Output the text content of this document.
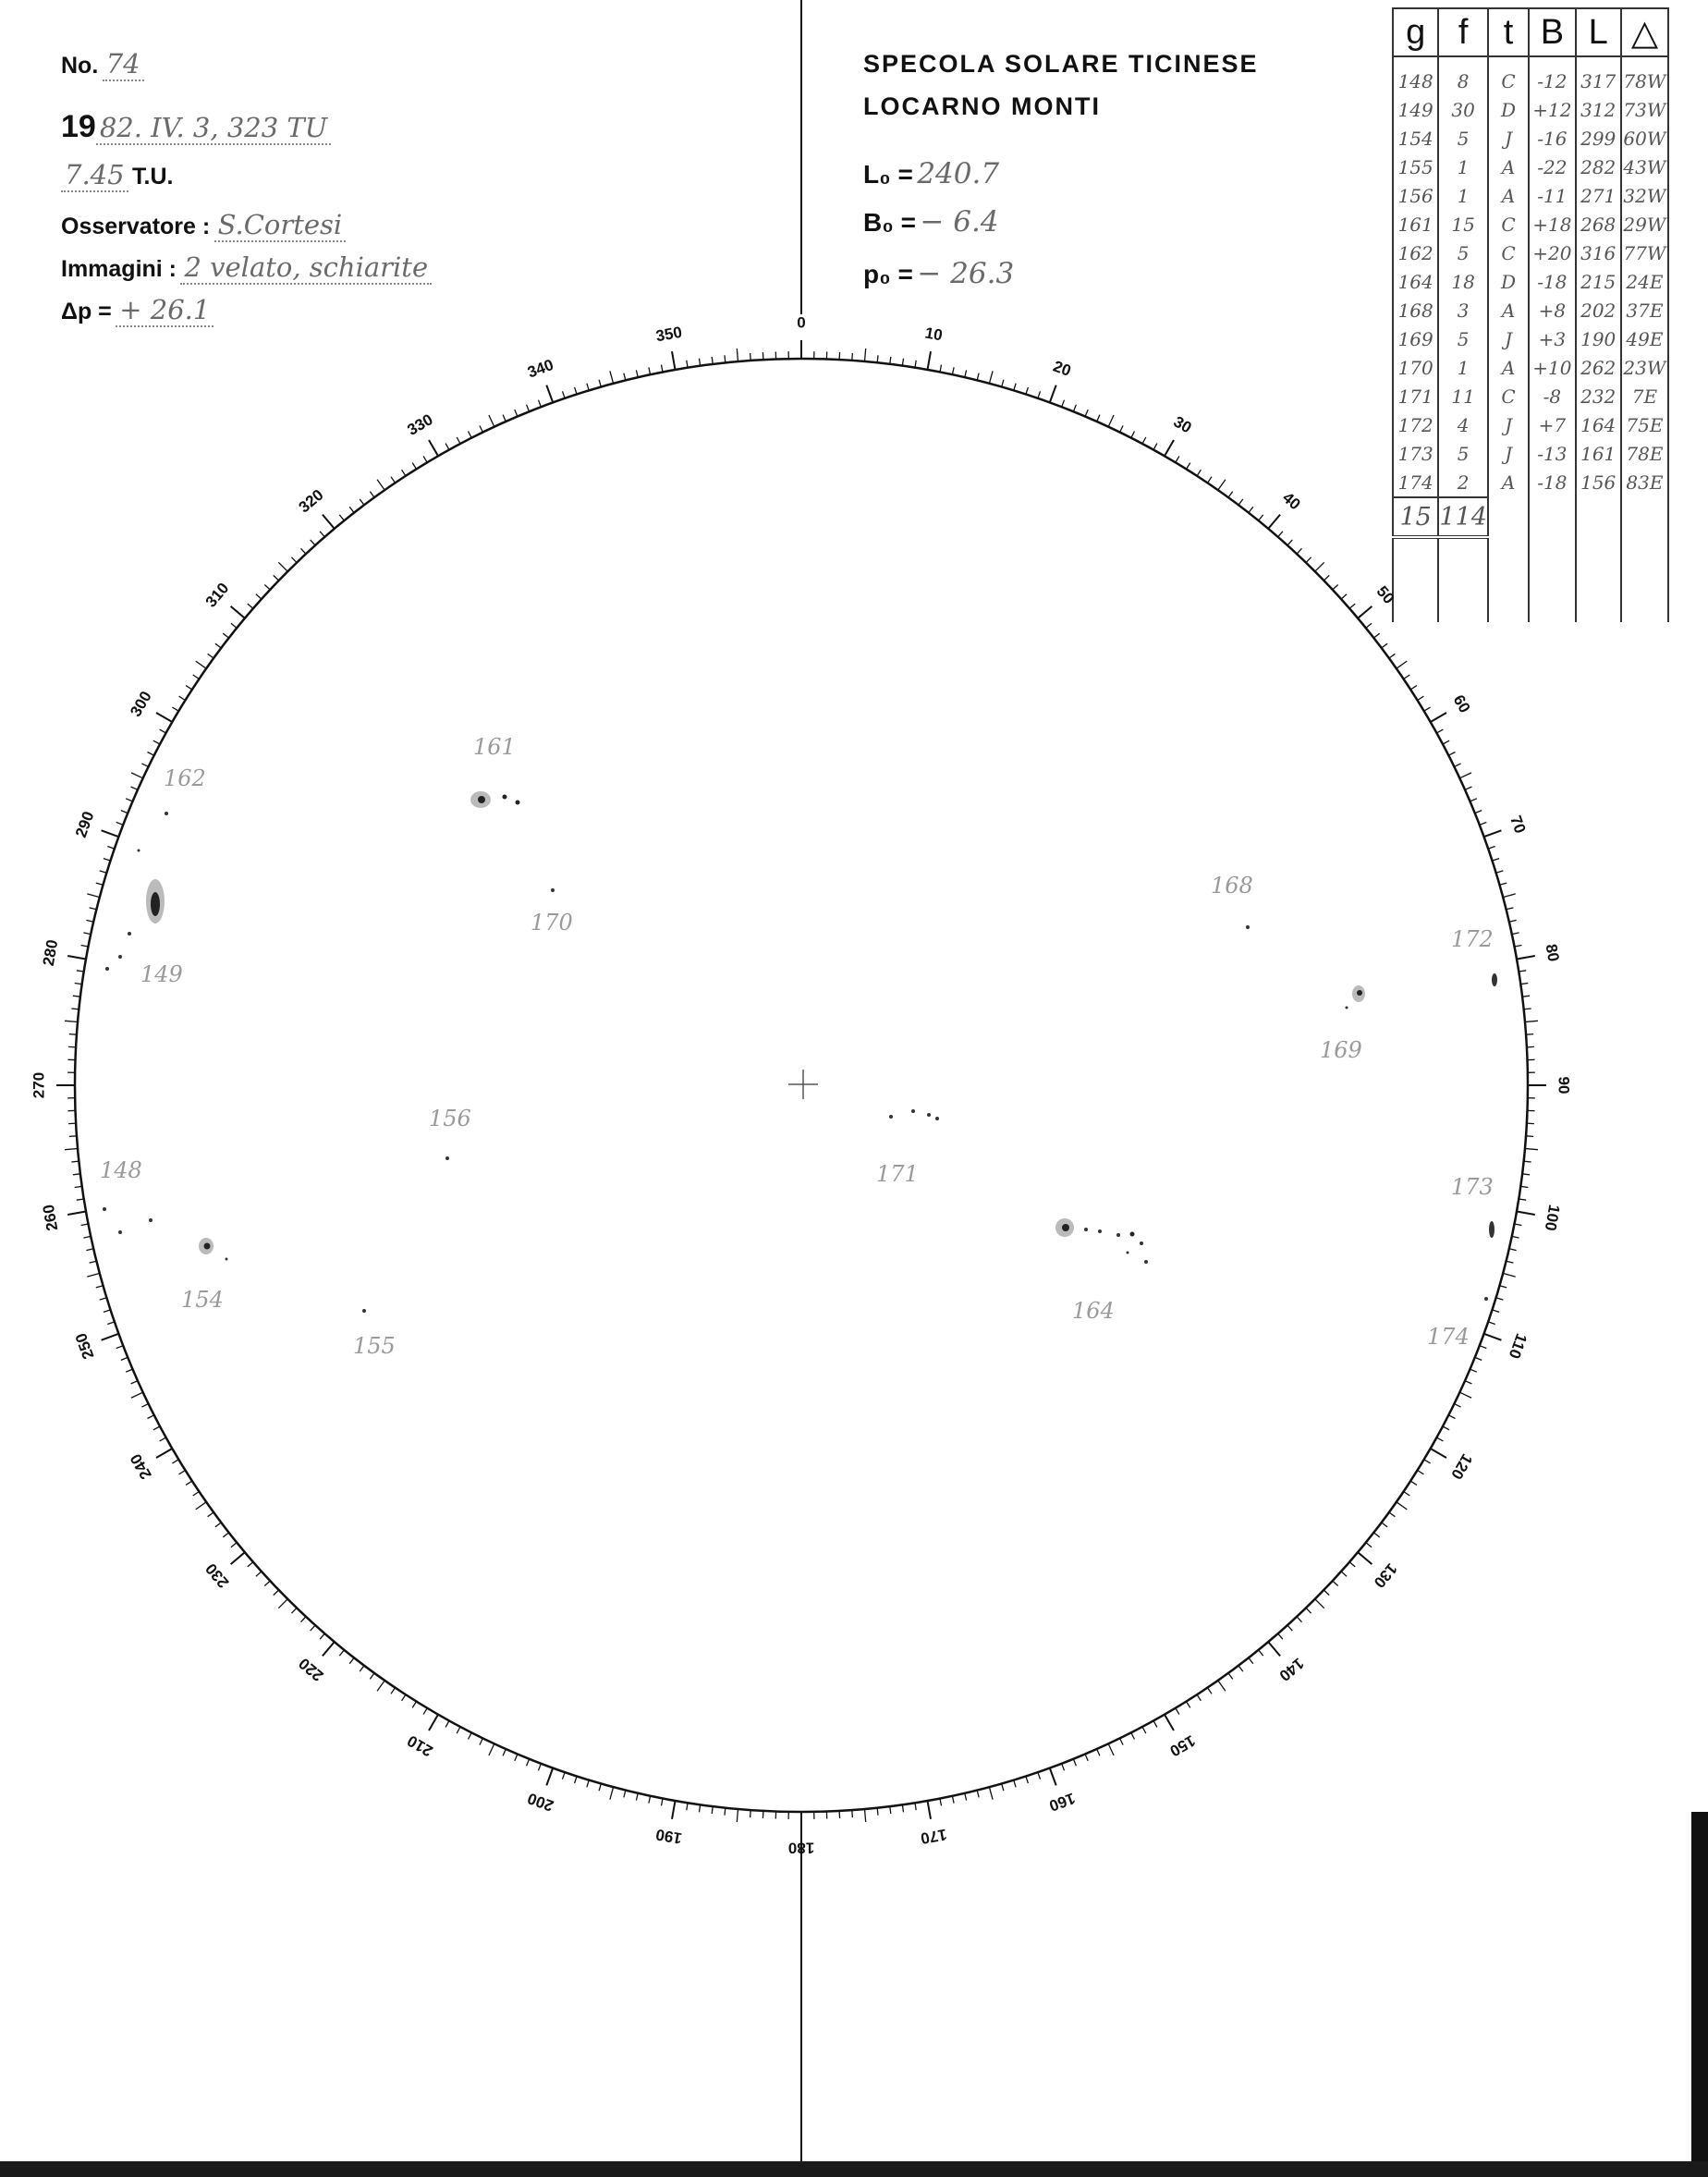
No. 74
19 82. IV. 3, 323 TU
7.45 T.U.
Osservatore : S.Cortesi
Immagini : 2 velato, schiarite
Δp = + 26.1
SPECOLA SOLARE TICINESE
LOCARNO MONTI
L₀ = 240.7
B₀ = − 6.4
p₀ = − 26.3
g	f	t	B	L	△
148	8	C	-12	317	78W
149	30	D	+12	312	73W
154	5	J	-16	299	60W
155	1	A	-22	282	43W
156	1	A	-11	271	32W
161	15	C	+18	268	29W
162	5	C	+20	316	77W
164	18	D	-18	215	24E
168	3	A	+8	202	37E
169	5	J	+3	190	49E
170	1	A	+10	262	23W
171	11	C	-8	232	7E
172	4	J	+7	164	75E
173	5	J	-13	161	78E
174	2	A	-18	156	83E
15	114				

0
10
20
30
40
50
60
70
80
90
100
110
120
130
140
150
160
170
180
190
200
210
220
230
240
250
260
270
280
290
300
310
320
330
340
350
161
162
149
170
168
172
169
156
148	171	173
154
155
164
174
